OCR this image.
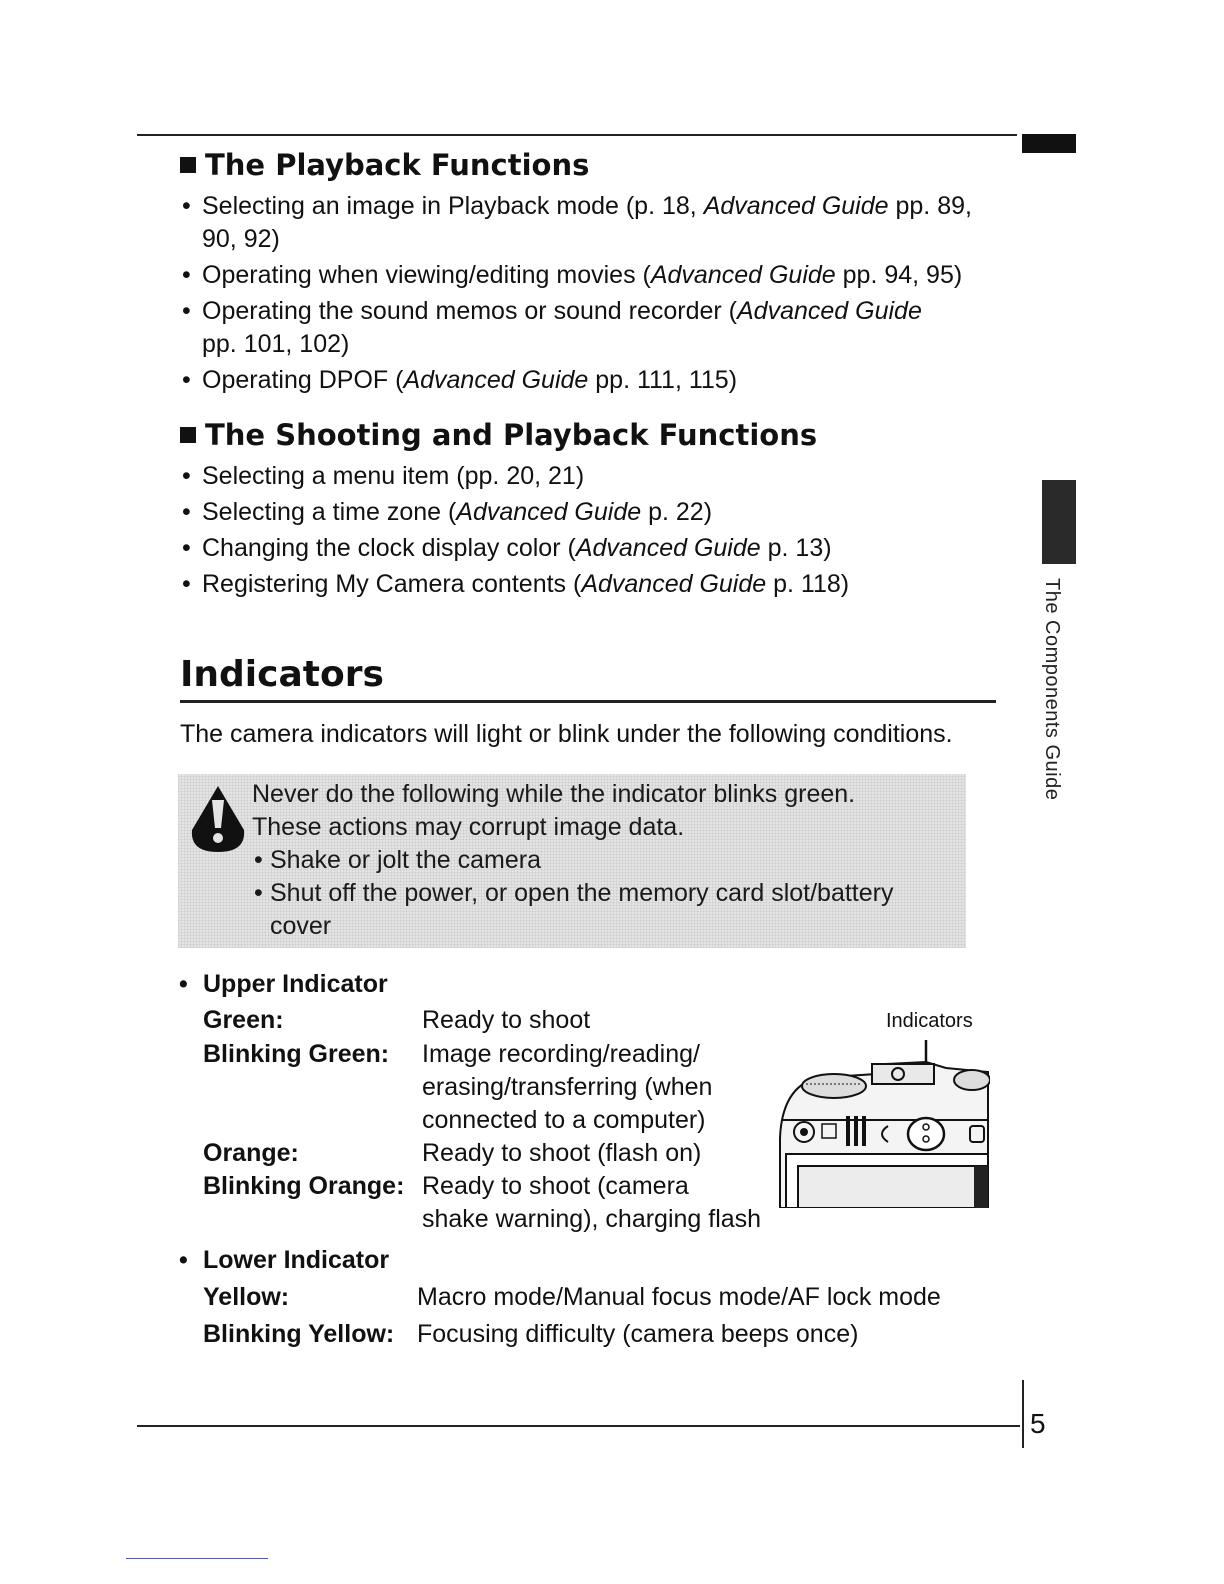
The Components Guide
The Playback Functions
• Selecting an image in Playback mode (p. 18, Advanced Guide pp. 89,
90, 92)
• Operating when viewing/editing movies (Advanced Guide pp. 94, 95)
• Operating the sound memos or sound recorder (Advanced Guide
pp. 101, 102)
• Operating DPOF (Advanced Guide pp. 111, 115)
The Shooting and Playback Functions
• Selecting a menu item (pp. 20, 21)
• Selecting a time zone (Advanced Guide p. 22)
• Changing the clock display color (Advanced Guide p. 13)
• Registering My Camera contents (Advanced Guide p. 118)
Indicators
The camera indicators will light or blink under the following conditions.
Never do the following while the indicator blinks green.
These actions may corrupt image data.
• Shake or jolt the camera
• Shut off the power, or open the memory card slot/battery
cover
• Upper Indicator
Green:	Ready to shoot
Blinking Green: Image recording/reading/
erasing/transferring (when
connected to a computer)
Orange:	Ready to shoot (flash on)
Blinking Orange: Ready to shoot (camera
shake warning), charging flash
Indicators
• Lower Indicator
Yellow:	Macro mode/Manual focus mode/AF lock mode
Blinking Yellow: Focusing difficulty (camera beeps once)
5
